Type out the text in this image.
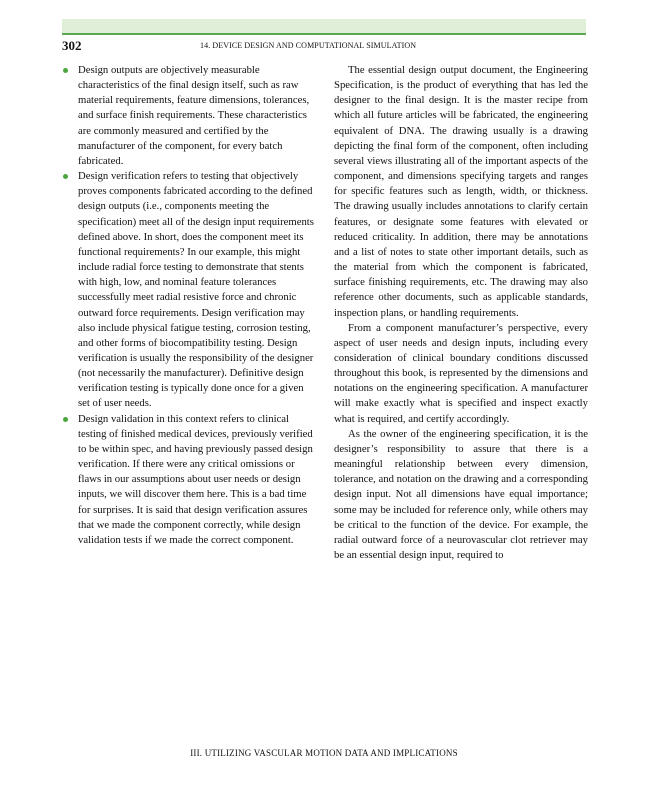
302	14. DEVICE DESIGN AND COMPUTATIONAL SIMULATION
Design outputs are objectively measurable characteristics of the final design itself, such as raw material requirements, feature dimensions, tolerances, and surface finish requirements. These characteristics are commonly measured and certified by the manufacturer of the component, for every batch fabricated.
Design verification refers to testing that objectively proves components fabricated according to the defined design outputs (i.e., components meeting the specification) meet all of the design input requirements defined above. In short, does the component meet its functional requirements? In our example, this might include radial force testing to demonstrate that stents with high, low, and nominal feature tolerances successfully meet radial resistive force and chronic outward force requirements. Design verification may also include physical fatigue testing, corrosion testing, and other forms of biocompatibility testing. Design verification is usually the responsibility of the designer (not necessarily the manufacturer). Definitive design verification testing is typically done once for a given set of user needs.
Design validation in this context refers to clinical testing of finished medical devices, previously verified to be within spec, and having previously passed design verification. If there were any critical omissions or flaws in our assumptions about user needs or design inputs, we will discover them here. This is a bad time for surprises. It is said that design verification assures that we made the component correctly, while design validation tests if we made the correct component.

The essential design output document, the Engineering Specification, is the product of everything that has led the designer to the final design. It is the master recipe from which all future articles will be fabricated, the engineering equivalent of DNA. The drawing usually is a drawing depicting the final form of the component, often including several views illustrating all of the important aspects of the component, and dimensions specifying targets and ranges for specific features such as length, width, or thickness. The drawing usually includes annotations to clarify certain features, or designate some features with elevated or reduced criticality. In addition, there may be annotations and a list of notes to state other important details, such as the material from which the component is fabricated, surface finishing requirements, etc. The drawing may also reference other documents, such as applicable standards, inspection plans, or handling requirements.

From a component manufacturer’s perspective, every aspect of user needs and design inputs, including every consideration of clinical boundary conditions discussed throughout this book, is represented by the dimensions and notations on the engineering specification. A manufacturer will make exactly what is specified and inspect exactly what is required, and certify accordingly.

As the owner of the engineering specification, it is the designer’s responsibility to assure that there is a meaningful relationship between every dimension, tolerance, and notation on the drawing and a corresponding design input. Not all dimensions have equal importance; some may be included for reference only, while others may be critical to the function of the device. For example, the radial outward force of a neurovascular clot retriever may be an essential design input, required to

III. UTILIZING VASCULAR MOTION DATA AND IMPLICATIONS
